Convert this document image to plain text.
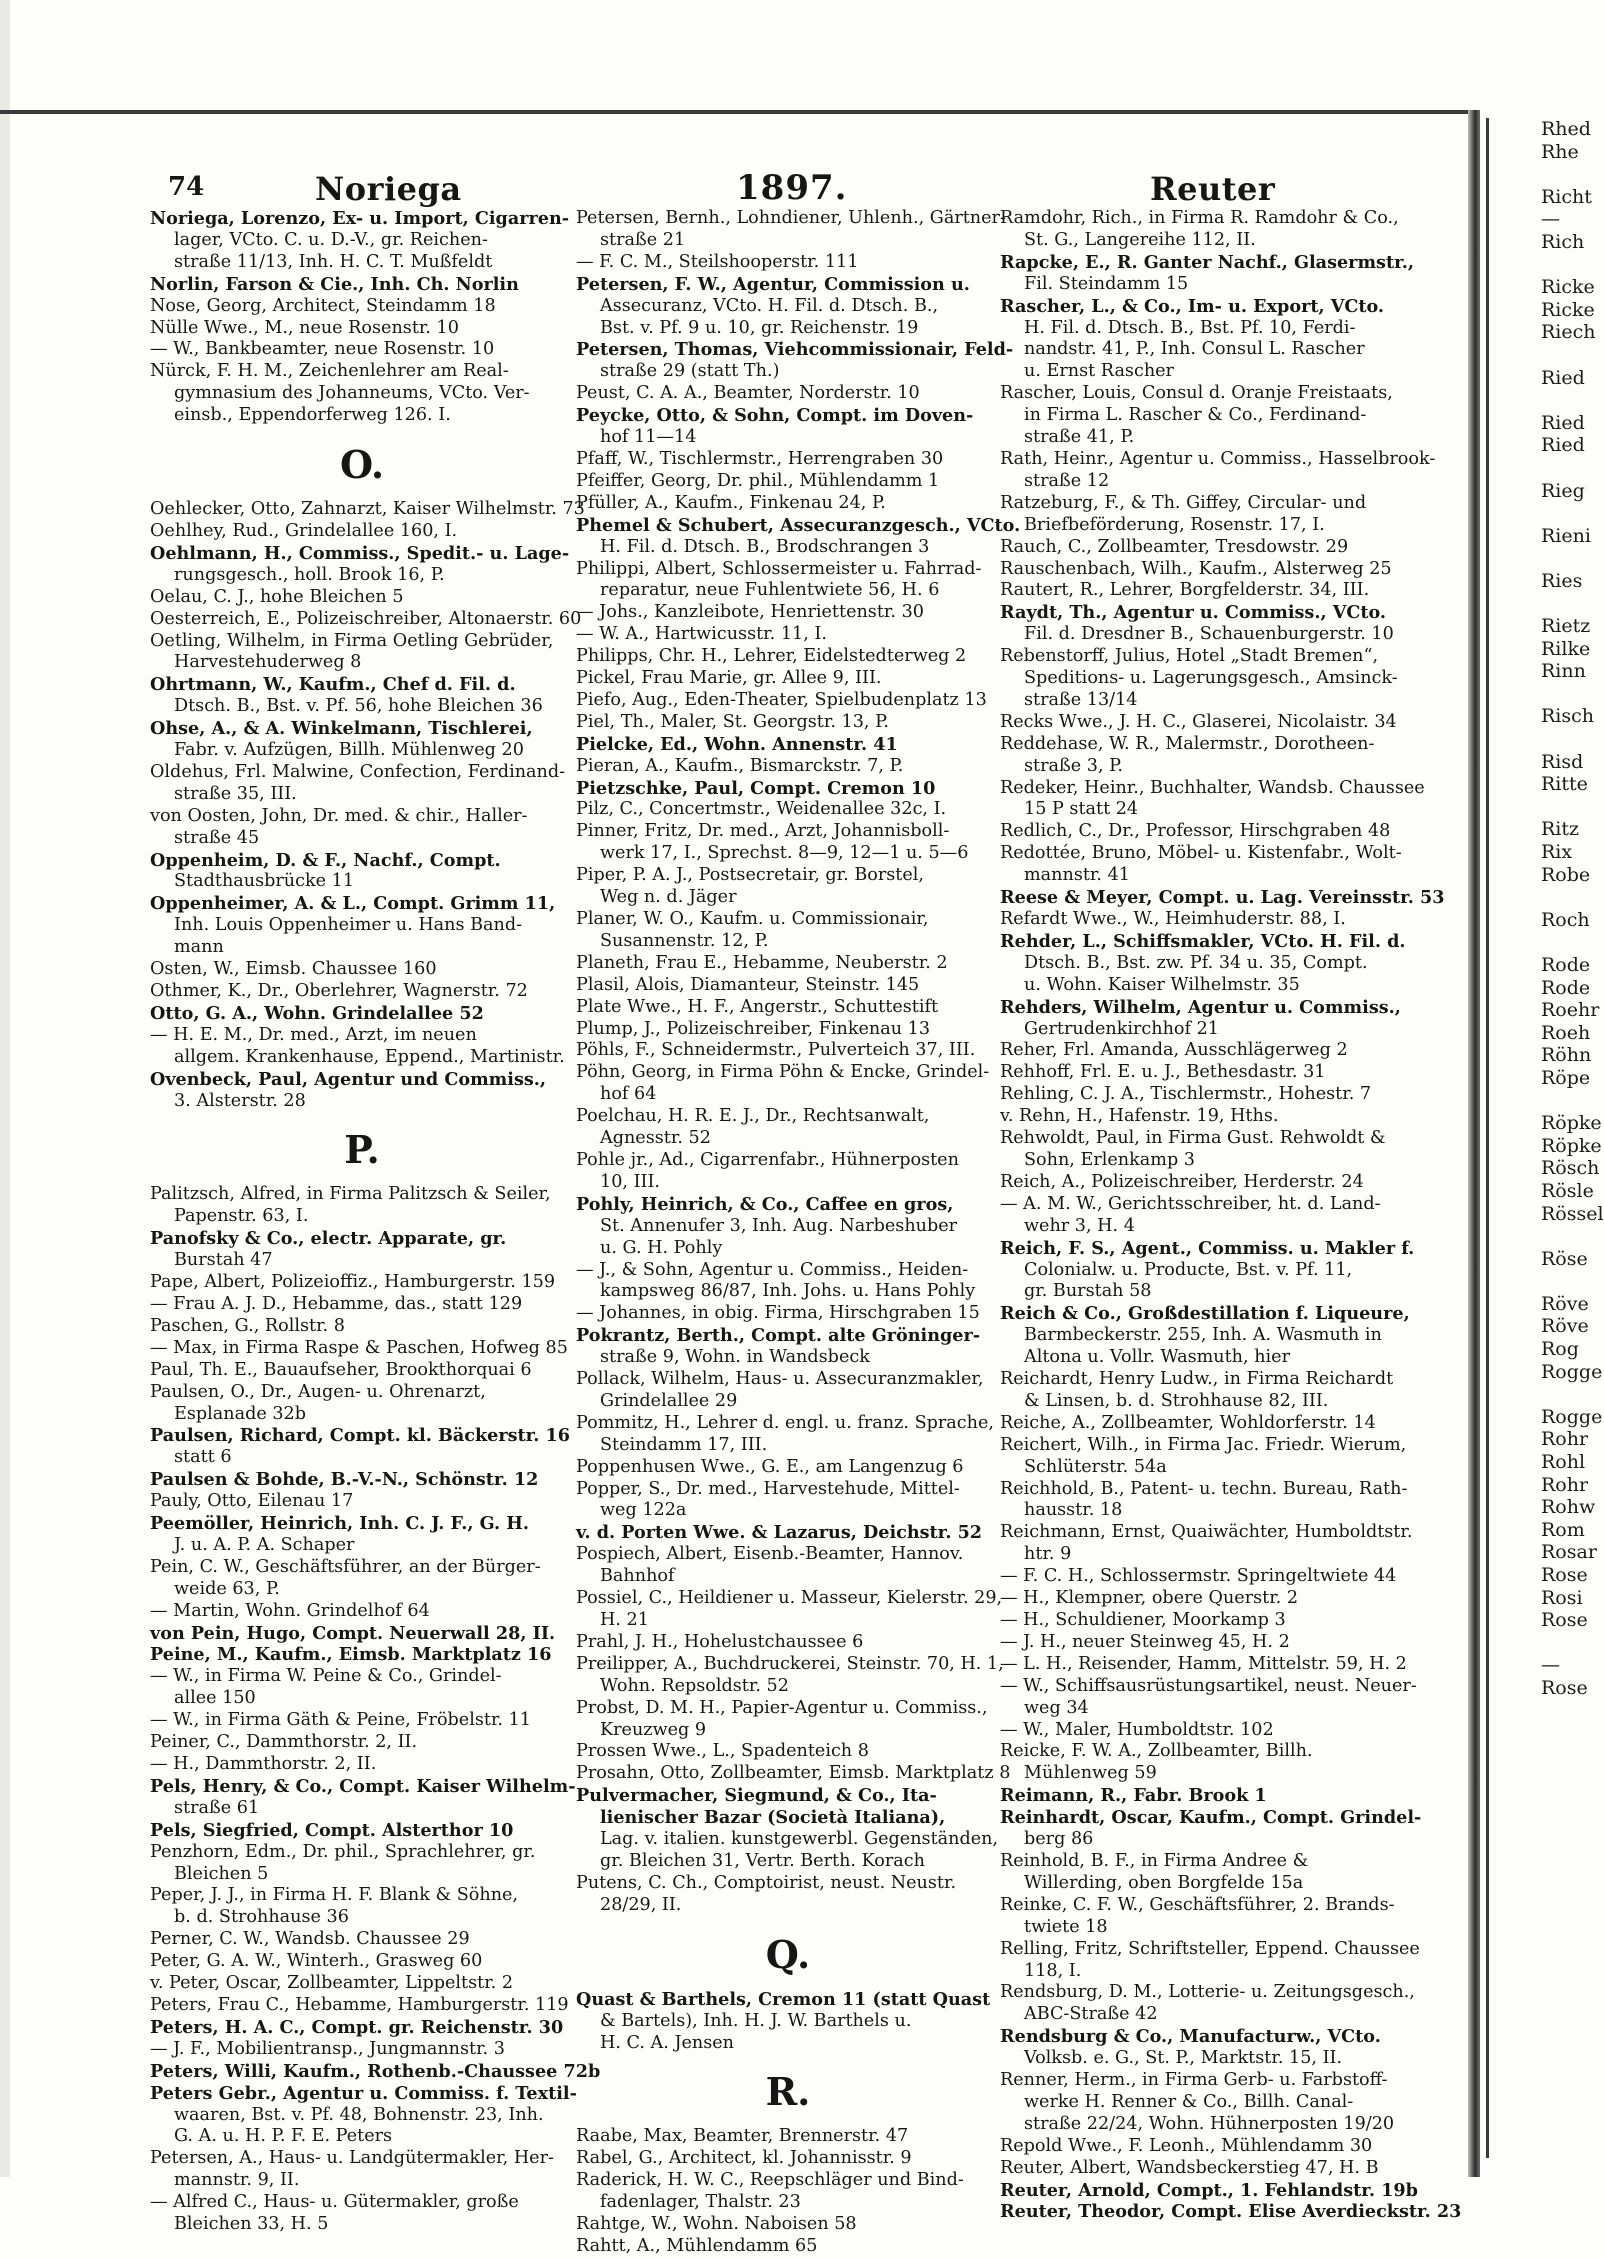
74	Noriega	1897.	Reuter
Noriega, Lorenzo, Ex- u. Import, Cigarren-
lager, VCto. C. u. D.-V., gr. Reichen-
straße 11/13, Inh. H. C. T. Mußfeldt
Norlin, Farson & Cie., Inh. Ch. Norlin
Nose, Georg, Architect, Steindamm 18
Nülle Wwe., M., neue Rosenstr. 10
— W., Bankbeamter, neue Rosenstr. 10
Nürck, F. H. M., Zeichenlehrer am Real-
gymnasium des Johanneums, VCto. Ver-
einsb., Eppendorferweg 126. I.
O.
Oehlecker, Otto, Zahnarzt, Kaiser Wilhelmstr. 73
Oehlhey, Rud., Grindelallee 160, I.
Oehlmann, H., Commiss., Spedit.- u. Lage-
rungsgesch., holl. Brook 16, P.
Oelau, C. J., hohe Bleichen 5
Oesterreich, E., Polizeischreiber, Altonaerstr. 60
Oetling, Wilhelm, in Firma Oetling Gebrüder,
Harvestehuderweg 8
Ohrtmann, W., Kaufm., Chef d. Fil. d.
Dtsch. B., Bst. v. Pf. 56, hohe Bleichen 36
Ohse, A., & A. Winkelmann, Tischlerei,
Fabr. v. Aufzügen, Billh. Mühlenweg 20
Oldehus, Frl. Malwine, Confection, Ferdinand-
straße 35, III.
von Oosten, John, Dr. med. & chir., Haller-
straße 45
Oppenheim, D. & F., Nachf., Compt.
Stadthausbrücke 11
Oppenheimer, A. & L., Compt. Grimm 11,
Inh. Louis Oppenheimer u. Hans Band-
mann
Osten, W., Eimsb. Chaussee 160
Othmer, K., Dr., Oberlehrer, Wagnerstr. 72
Otto, G. A., Wohn. Grindelallee 52
— H. E. M., Dr. med., Arzt, im neuen
allgem. Krankenhause, Eppend., Martinistr.
Ovenbeck, Paul, Agentur und Commiss.,
3. Alsterstr. 28
P.
Palitzsch, Alfred, in Firma Palitzsch & Seiler,
Papenstr. 63, I.
Panofsky & Co., electr. Apparate, gr.
Burstah 47
Pape, Albert, Polizeioffiz., Hamburgerstr. 159
— Frau A. J. D., Hebamme, das., statt 129
Paschen, G., Rollstr. 8
— Max, in Firma Raspe & Paschen, Hofweg 85
Paul, Th. E., Bauaufseher, Brookthorquai 6
Paulsen, O., Dr., Augen- u. Ohrenarzt,
Esplanade 32b
Paulsen, Richard, Compt. kl. Bäckerstr. 16
statt 6
Paulsen & Bohde, B.-V.-N., Schönstr. 12
Pauly, Otto, Eilenau 17
Peemöller, Heinrich, Inh. C. J. F., G. H.
J. u. A. P. A. Schaper
Pein, C. W., Geschäftsführer, an der Bürger-
weide 63, P.
— Martin, Wohn. Grindelhof 64
von Pein, Hugo, Compt. Neuerwall 28, II.
Peine, M., Kaufm., Eimsb. Marktplatz 16
— W., in Firma W. Peine & Co., Grindel-
allee 150
— W., in Firma Gäth & Peine, Fröbelstr. 11
Peiner, C., Dammthorstr. 2, II.
— H., Dammthorstr. 2, II.
Pels, Henry, & Co., Compt. Kaiser Wilhelm-
straße 61
Pels, Siegfried, Compt. Alsterthor 10
Penzhorn, Edm., Dr. phil., Sprachlehrer, gr.
Bleichen 5
Peper, J. J., in Firma H. F. Blank & Söhne,
b. d. Strohhause 36
Perner, C. W., Wandsb. Chaussee 29
Peter, G. A. W., Winterh., Grasweg 60
v. Peter, Oscar, Zollbeamter, Lippeltstr. 2
Peters, Frau C., Hebamme, Hamburgerstr. 119
Peters, H. A. C., Compt. gr. Reichenstr. 30
— J. F., Mobilientransp., Jungmannstr. 3
Peters, Willi, Kaufm., Rothenb.-Chaussee 72b
Peters Gebr., Agentur u. Commiss. f. Textil-
waaren, Bst. v. Pf. 48, Bohnenstr. 23, Inh.
G. A. u. H. P. F. E. Peters
Petersen, A., Haus- u. Landgütermakler, Her-
mannstr. 9, II.
— Alfred C., Haus- u. Gütermakler, große
Bleichen 33, H. 5
Petersen, Bernh., Lohndiener, Uhlenh., Gärtner-
straße 21
— F. C. M., Steilshooperstr. 111
Petersen, F. W., Agentur, Commission u.
Assecuranz, VCto. H. Fil. d. Dtsch. B.,
Bst. v. Pf. 9 u. 10, gr. Reichenstr. 19
Petersen, Thomas, Viehcommissionair, Feld-
straße 29 (statt Th.)
Peust, C. A. A., Beamter, Norderstr. 10
Peycke, Otto, & Sohn, Compt. im Doven-
hof 11—14
Pfaff, W., Tischlermstr., Herrengraben 30
Pfeiffer, Georg, Dr. phil., Mühlendamm 1
Pfüller, A., Kaufm., Finkenau 24, P.
Phemel & Schubert, Assecuranzgesch., VCto.
H. Fil. d. Dtsch. B., Brodschrangen 3
Philippi, Albert, Schlossermeister u. Fahrrad-
reparatur, neue Fuhlentwiete 56, H. 6
— Johs., Kanzleibote, Henriettenstr. 30
— W. A., Hartwicusstr. 11, I.
Philipps, Chr. H., Lehrer, Eidelstedterweg 2
Pickel, Frau Marie, gr. Allee 9, III.
Piefo, Aug., Eden-Theater, Spielbudenplatz 13
Piel, Th., Maler, St. Georgstr. 13, P.
Pielcke, Ed., Wohn. Annenstr. 41
Pieran, A., Kaufm., Bismarckstr. 7, P.
Pietzschke, Paul, Compt. Cremon 10
Pilz, C., Concertmstr., Weidenallee 32c, I.
Pinner, Fritz, Dr. med., Arzt, Johannisboll-
werk 17, I., Sprechst. 8—9, 12—1 u. 5—6
Piper, P. A. J., Postsecretair, gr. Borstel,
Weg n. d. Jäger
Planer, W. O., Kaufm. u. Commissionair,
Susannenstr. 12, P.
Planeth, Frau E., Hebamme, Neuberstr. 2
Plasil, Alois, Diamanteur, Steinstr. 145
Plate Wwe., H. F., Angerstr., Schuttestift
Plump, J., Polizeischreiber, Finkenau 13
Pöhls, F., Schneidermstr., Pulverteich 37, III.
Pöhn, Georg, in Firma Pöhn & Encke, Grindel-
hof 64
Poelchau, H. R. E. J., Dr., Rechtsanwalt,
Agnesstr. 52
Pohle jr., Ad., Cigarrenfabr., Hühnerposten
10, III.
Pohly, Heinrich, & Co., Caffee en gros,
St. Annenufer 3, Inh. Aug. Narbeshuber
u. G. H. Pohly
— J., & Sohn, Agentur u. Commiss., Heiden-
kampsweg 86/87, Inh. Johs. u. Hans Pohly
— Johannes, in obig. Firma, Hirschgraben 15
Pokrantz, Berth., Compt. alte Gröninger-
straße 9, Wohn. in Wandsbeck
Pollack, Wilhelm, Haus- u. Assecuranzmakler,
Grindelallee 29
Pommitz, H., Lehrer d. engl. u. franz. Sprache,
Steindamm 17, III.
Poppenhusen Wwe., G. E., am Langenzug 6
Popper, S., Dr. med., Harvestehude, Mittel-
weg 122a
v. d. Porten Wwe. & Lazarus, Deichstr. 52
Pospiech, Albert, Eisenb.-Beamter, Hannov.
Bahnhof
Possiel, C., Heildiener u. Masseur, Kielerstr. 29,
H. 21
Prahl, J. H., Hohelustchaussee 6
Preilipper, A., Buchdruckerei, Steinstr. 70, H. 1,
Wohn. Repsoldstr. 52
Probst, D. M. H., Papier-Agentur u. Commiss.,
Kreuzweg 9
Prossen Wwe., L., Spadenteich 8
Prosahn, Otto, Zollbeamter, Eimsb. Marktplatz 8
Pulvermacher, Siegmund, & Co., Ita-
lienischer Bazar (Società Italiana),
Lag. v. italien. kunstgewerbl. Gegenständen,
gr. Bleichen 31, Vertr. Berth. Korach
Putens, C. Ch., Comptoirist, neust. Neustr.
28/29, II.
Q.
Quast & Barthels, Cremon 11 (statt Quast
& Bartels), Inh. H. J. W. Barthels u.
H. C. A. Jensen
R.
Raabe, Max, Beamter, Brennerstr. 47
Rabel, G., Architect, kl. Johannisstr. 9
Raderick, H. W. C., Reepschläger und Bind-
fadenlager, Thalstr. 23
Rahtge, W., Wohn. Naboisen 58
Rahtt, A., Mühlendamm 65
Ramdohr, Rich., in Firma R. Ramdohr & Co.,
St. G., Langereihe 112, II.
Rapcke, E., R. Ganter Nachf., Glasermstr.,
Fil. Steindamm 15
Rascher, L., & Co., Im- u. Export, VCto.
H. Fil. d. Dtsch. B., Bst. Pf. 10, Ferdi-
nandstr. 41, P., Inh. Consul L. Rascher
u. Ernst Rascher
Rascher, Louis, Consul d. Oranje Freistaats,
in Firma L. Rascher & Co., Ferdinand-
straße 41, P.
Rath, Heinr., Agentur u. Commiss., Hasselbrook-
straße 12
Ratzeburg, F., & Th. Giffey, Circular- und
Briefbeförderung, Rosenstr. 17, I.
Rauch, C., Zollbeamter, Tresdowstr. 29
Rauschenbach, Wilh., Kaufm., Alsterweg 25
Rautert, R., Lehrer, Borgfelderstr. 34, III.
Raydt, Th., Agentur u. Commiss., VCto.
Fil. d. Dresdner B., Schauenburgerstr. 10
Rebenstorff, Julius, Hotel „Stadt Bremen“,
Speditions- u. Lagerungsgesch., Amsinck-
straße 13/14
Recks Wwe., J. H. C., Glaserei, Nicolaistr. 34
Reddehase, W. R., Malermstr., Dorotheen-
straße 3, P.
Redeker, Heinr., Buchhalter, Wandsb. Chaussee
15 P statt 24
Redlich, C., Dr., Professor, Hirschgraben 48
Redottée, Bruno, Möbel- u. Kistenfabr., Wolt-
mannstr. 41
Reese & Meyer, Compt. u. Lag. Vereinsstr. 53
Refardt Wwe., W., Heimhuderstr. 88, I.
Rehder, L., Schiffsmakler, VCto. H. Fil. d.
Dtsch. B., Bst. zw. Pf. 34 u. 35, Compt.
u. Wohn. Kaiser Wilhelmstr. 35
Rehders, Wilhelm, Agentur u. Commiss.,
Gertrudenkirchhof 21
Reher, Frl. Amanda, Ausschlägerweg 2
Rehhoff, Frl. E. u. J., Bethesdastr. 31
Rehling, C. J. A., Tischlermstr., Hohestr. 7
v. Rehn, H., Hafenstr. 19, Hths.
Rehwoldt, Paul, in Firma Gust. Rehwoldt &
Sohn, Erlenkamp 3
Reich, A., Polizeischreiber, Herderstr. 24
— A. M. W., Gerichtsschreiber, ht. d. Land-
wehr 3, H. 4
Reich, F. S., Agent., Commiss. u. Makler f.
Colonialw. u. Producte, Bst. v. Pf. 11,
gr. Burstah 58
Reich & Co., Großdestillation f. Liqueure,
Barmbeckerstr. 255, Inh. A. Wasmuth in
Altona u. Vollr. Wasmuth, hier
Reichardt, Henry Ludw., in Firma Reichardt
& Linsen, b. d. Strohhause 82, III.
Reiche, A., Zollbeamter, Wohldorferstr. 14
Reichert, Wilh., in Firma Jac. Friedr. Wierum,
Schlüterstr. 54a
Reichhold, B., Patent- u. techn. Bureau, Rath-
hausstr. 18
Reichmann, Ernst, Quaiwächter, Humboldtstr.
htr. 9
— F. C. H., Schlossermstr. Springeltwiete 44
— H., Klempner, obere Querstr. 2
— H., Schuldiener, Moorkamp 3
— J. H., neuer Steinweg 45, H. 2
— L. H., Reisender, Hamm, Mittelstr. 59, H. 2
— W., Schiffsausrüstungsartikel, neust. Neuer-
weg 34
— W., Maler, Humboldtstr. 102
Reicke, F. W. A., Zollbeamter, Billh.
Mühlenweg 59
Reimann, R., Fabr. Brook 1
Reinhardt, Oscar, Kaufm., Compt. Grindel-
berg 86
Reinhold, B. F., in Firma Andree &
Willerding, oben Borgfelde 15a
Reinke, C. F. W., Geschäftsführer, 2. Brands-
twiete 18
Relling, Fritz, Schriftsteller, Eppend. Chaussee
118, I.
Rendsburg, D. M., Lotterie- u. Zeitungsgesch.,
ABC-Straße 42
Rendsburg & Co., Manufacturw., VCto.
Volksb. e. G., St. P., Marktstr. 15, II.
Renner, Herm., in Firma Gerb- u. Farbstoff-
werke H. Renner & Co., Billh. Canal-
straße 22/24, Wohn. Hühnerposten 19/20
Repold Wwe., F. Leonh., Mühlendamm 30
Reuter, Albert, Wandsbeckerstieg 47, H. B
Reuter, Arnold, Compt., 1. Fehlandstr. 19b
Reuter, Theodor, Compt. Elise Averdieckstr. 23
Rhed
Rhe

Richt
—
Rich

Ricke
Ricke
Riech

Ried

Ried
Ried

Rieg

Rieni

Ries

Rietz
Rilke
Rinn

Risch

Risd
Ritte

Ritz
Rix
Robe

Roch

Rode
Rode
Roehr
Roeh
Röhn
Röpe

Röpke
Röpke
Rösch
Rösle
Rössel

Röse

Röve
Röve
Rog
Rogge

Rogge
Rohr
Rohl
Rohr
Rohw
Rom
Rosar
Rose
Rosi
Rose

—
Rose
